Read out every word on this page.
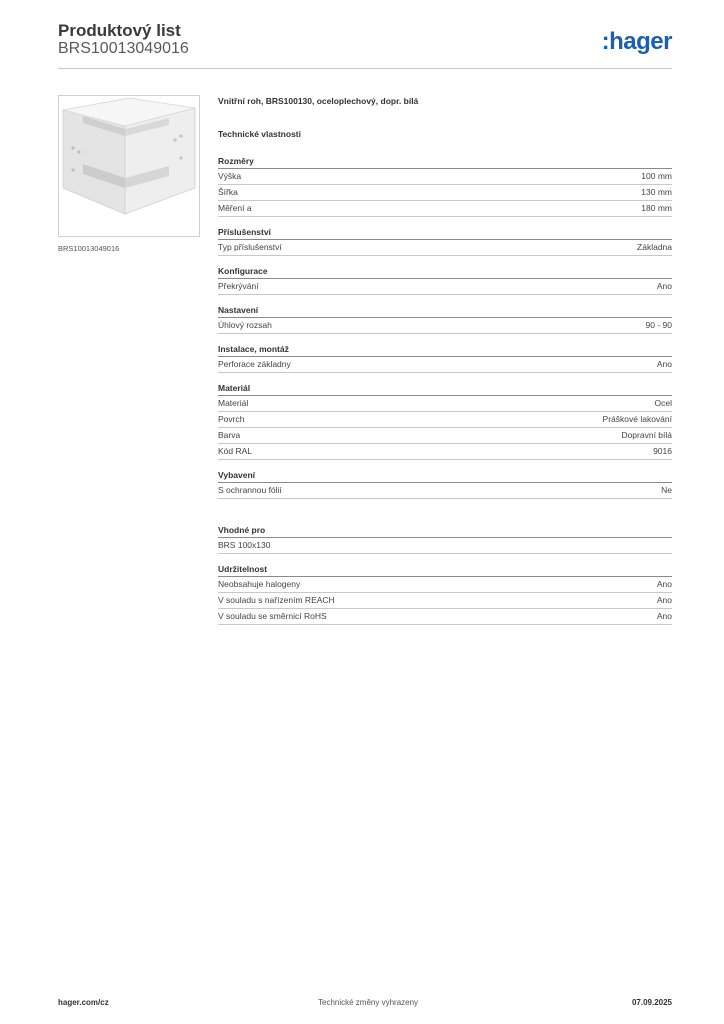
Produktový list
BRS10013049016	:hager
BRS10013049016
Vnitřní roh, BRS100130, oceloplechový, dopr. bílá
Technické vlastnosti
Rozměry
Výška	100 mm
Šířka	130 mm
Měření a	180 mm
Příslušenství
Typ příslušenství	Základna
Konfigurace
Překrývání	Ano
Nastavení
Úhlový rozsah	90 - 90
Instalace, montáž
Perforace základny	Ano
Materiál
Materiál	Ocel
Povrch	Práškové lakování
Barva	Dopravní bílá
Kód RAL	9016
Vybavení
S ochrannou fólií	Ne
Vhodné pro
BRS 100x130
Udržitelnost
Neobsahuje halogeny	Ano
V souladu s nařízením REACH	Ano
V souladu se směrnicí RoHS	Ano
hager.com/cz	Technické změny vyhrazeny	07.09.2025
